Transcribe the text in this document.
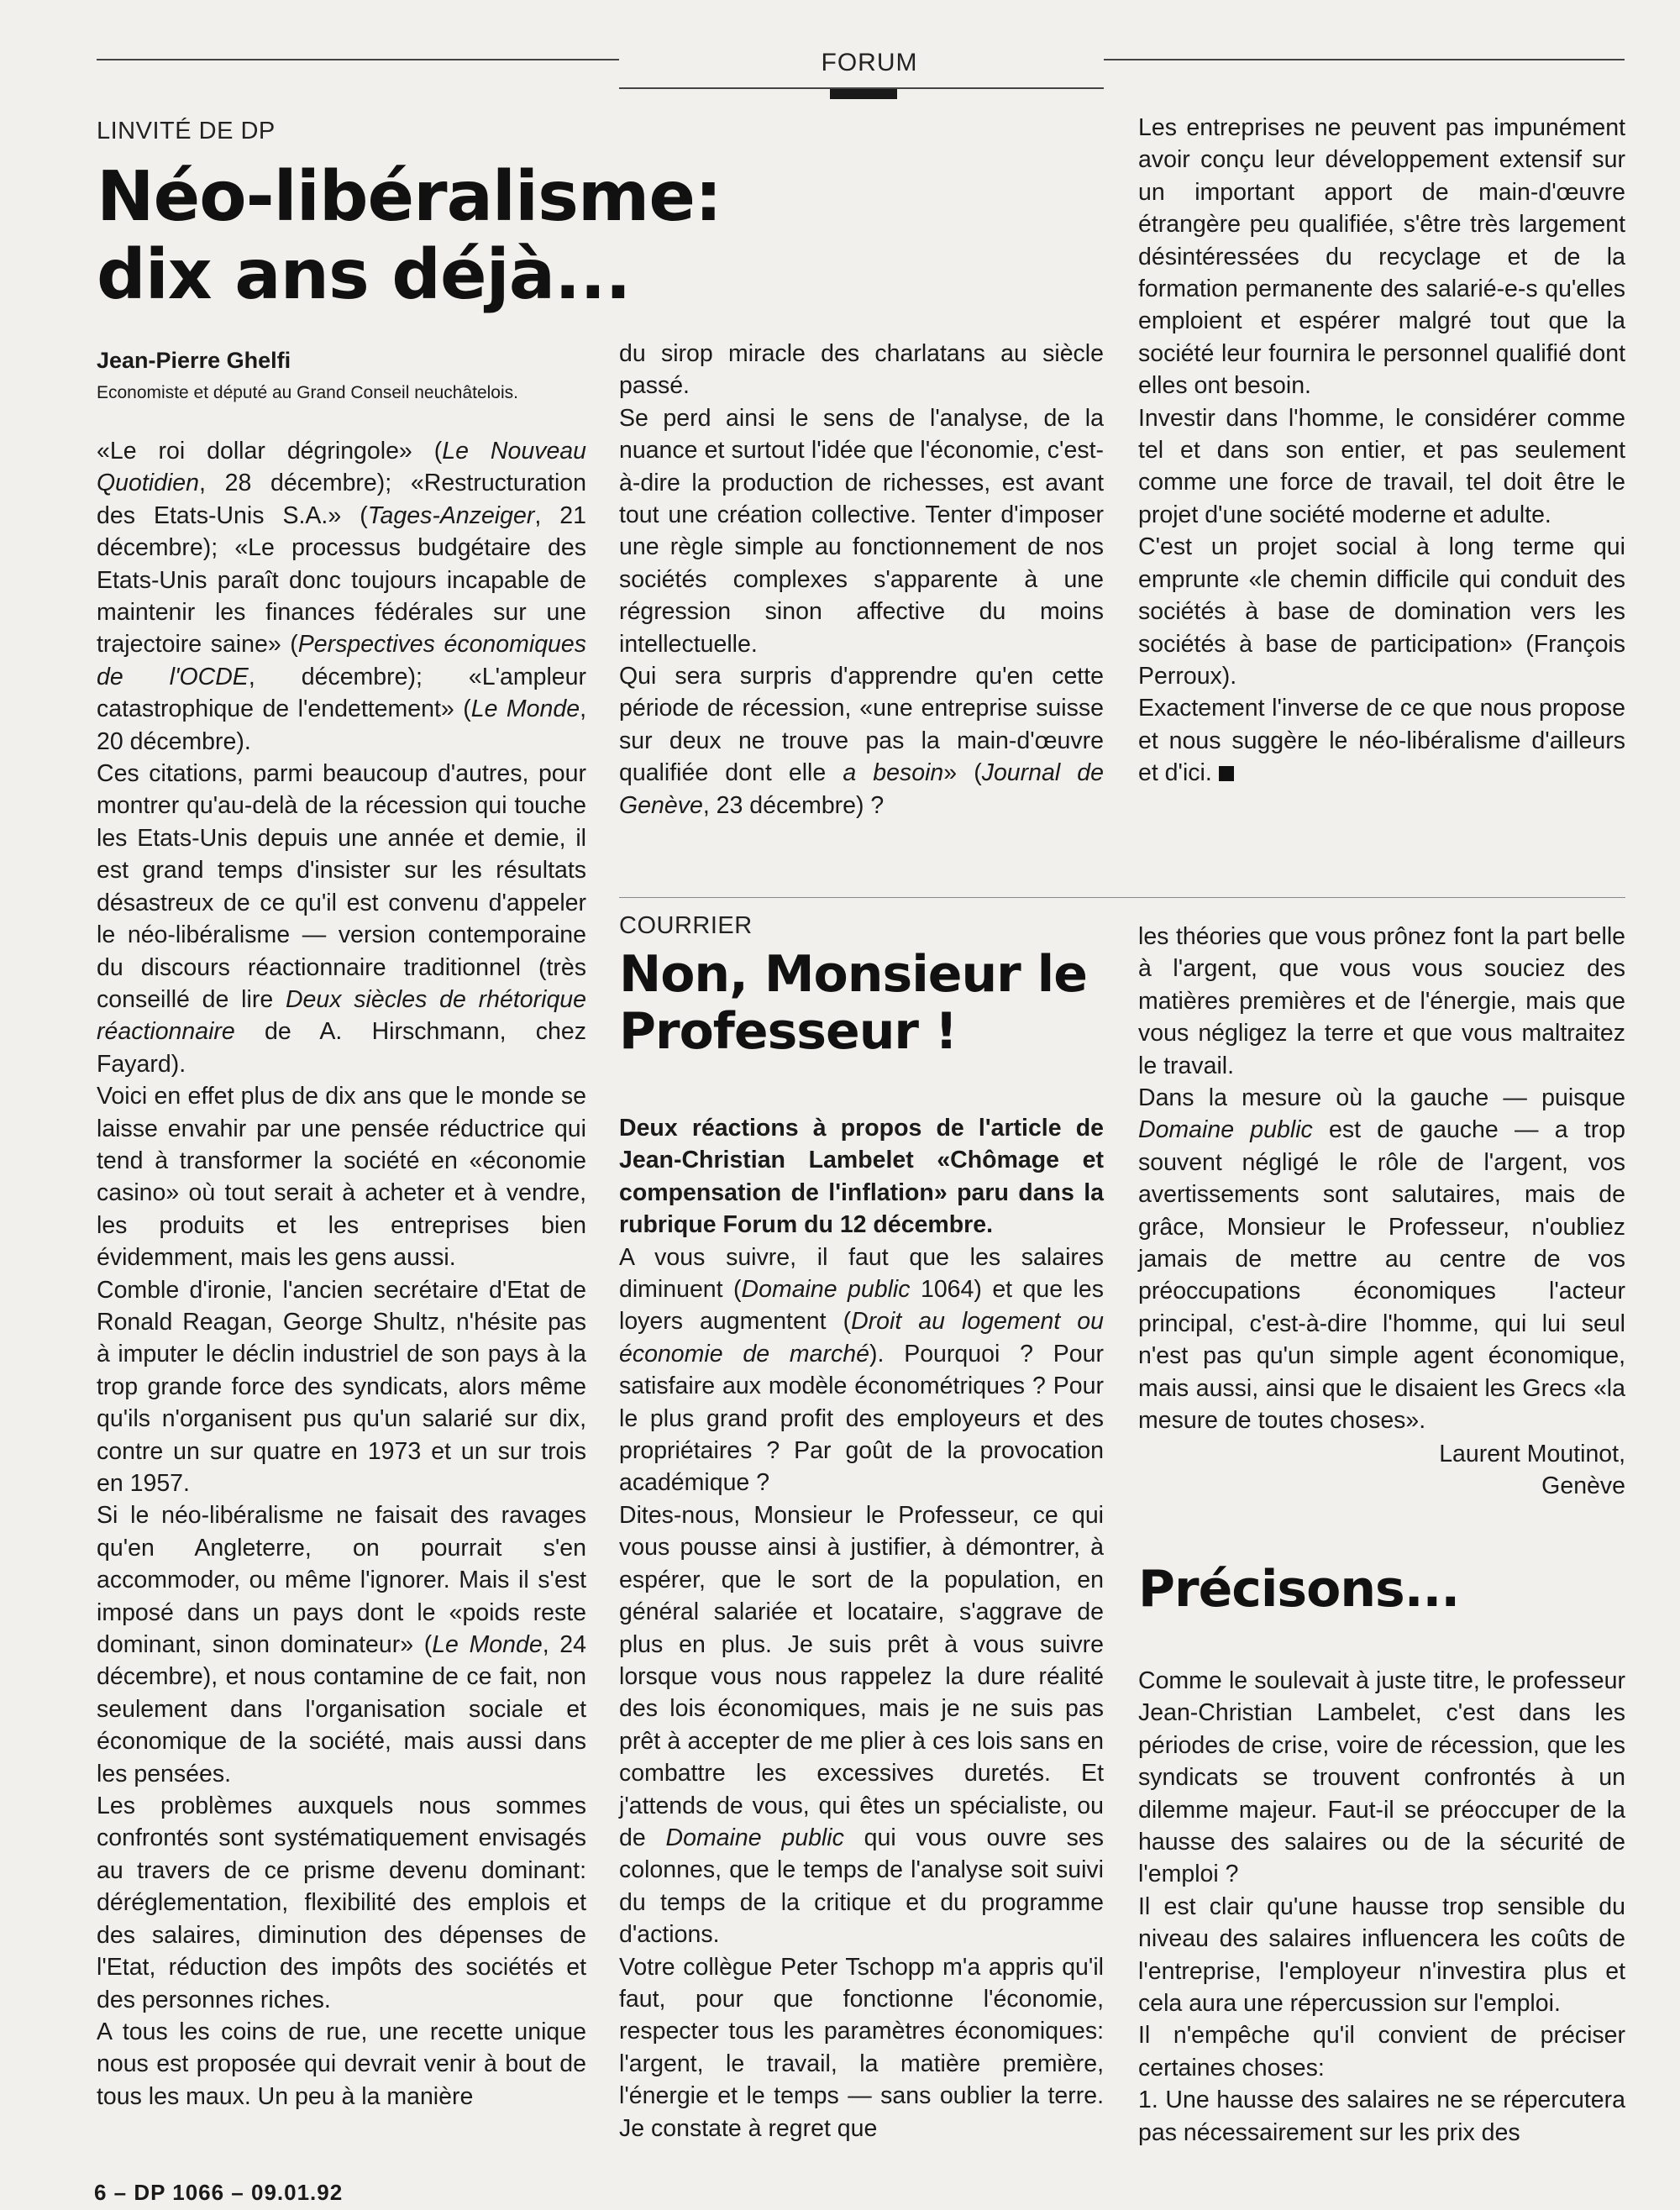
FORUM
LINVITÉ DE DP
Néo-libéralisme:
dix ans déjà...
Jean-Pierre Ghelfi
Economiste et député au Grand Conseil neuchâtelois.

«Le roi dollar dégringole» (Le Nouveau Quotidien, 28 décembre); «Restructuration des Etats-Unis S.A.» (Tages-Anzeiger, 21 décembre); «Le processus budgétaire des Etats-Unis paraît donc toujours incapable de maintenir les finances fédérales sur une trajectoire saine» (Perspectives économiques de l'OCDE, décembre); «L'ampleur catastrophique de l'endettement» (Le Monde, 20 décembre).

Ces citations, parmi beaucoup d'autres, pour montrer qu'au-delà de la récession qui touche les Etats-Unis depuis une année et demie, il est grand temps d'insister sur les résultats désastreux de ce qu'il est convenu d'appeler le néo-libéralisme — version contemporaine du discours réactionnaire traditionnel (très conseillé de lire Deux siècles de rhétorique réactionnaire de A. Hirschmann, chez Fayard).

Voici en effet plus de dix ans que le monde se laisse envahir par une pensée réductrice qui tend à transformer la société en «économie casino» où tout serait à acheter et à vendre, les produits et les entreprises bien évidemment, mais les gens aussi.

Comble d'ironie, l'ancien secrétaire d'Etat de Ronald Reagan, George Shultz, n'hésite pas à imputer le déclin industriel de son pays à la trop grande force des syndicats, alors même qu'ils n'organisent pus qu'un salarié sur dix, contre un sur quatre en 1973 et un sur trois en 1957.

Si le néo-libéralisme ne faisait des ravages qu'en Angleterre, on pourrait s'en accommoder, ou même l'ignorer. Mais il s'est imposé dans un pays dont le «poids reste dominant, sinon dominateur» (Le Monde, 24 décembre), et nous contamine de ce fait, non seulement dans l'organisation sociale et économique de la société, mais aussi dans les pensées.

Les problèmes auxquels nous sommes confrontés sont systématiquement envisagés au travers de ce prisme devenu dominant: déréglementation, flexibilité des emplois et des salaires, diminution des dépenses de l'Etat, réduction des impôts des sociétés et des personnes riches.

A tous les coins de rue, une recette unique nous est proposée qui devrait venir à bout de tous les maux. Un peu à la manière

du sirop miracle des charlatans au siècle passé.

Se perd ainsi le sens de l'analyse, de la nuance et surtout l'idée que l'économie, c'est-à-dire la production de richesses, est avant tout une création collective. Tenter d'imposer une règle simple au fonctionnement de nos sociétés complexes s'apparente à une régression sinon affective du moins intellectuelle.

Qui sera surpris d'apprendre qu'en cette période de récession, «une entreprise suisse sur deux ne trouve pas la main-d'œuvre qualifiée dont elle a besoin» (Journal de Genève, 23 décembre) ?

Les entreprises ne peuvent pas impunément avoir conçu leur développement extensif sur un important apport de main-d'œuvre étrangère peu qualifiée, s'être très largement désintéressées du recyclage et de la formation permanente des salarié-e-s qu'elles emploient et espérer malgré tout que la société leur fournira le personnel qualifié dont elles ont besoin.

Investir dans l'homme, le considérer comme tel et dans son entier, et pas seulement comme une force de travail, tel doit être le projet d'une société moderne et adulte.

C'est un projet social à long terme qui emprunte «le chemin difficile qui conduit des sociétés à base de domination vers les sociétés à base de participation» (François Perroux).

Exactement l'inverse de ce que nous propose et nous suggère le néo-libéralisme d'ailleurs et d'ici.

COURRIER
Non, Monsieur le
Professeur !

Deux réactions à propos de l'article de Jean-Christian Lambelet «Chômage et compensation de l'inflation» paru dans la rubrique Forum du 12 décembre.

A vous suivre, il faut que les salaires diminuent (Domaine public 1064) et que les loyers augmentent (Droit au logement ou économie de marché). Pourquoi ? Pour satisfaire aux modèle économétriques ? Pour le plus grand profit des employeurs et des propriétaires ? Par goût de la provocation académique ?

Dites-nous, Monsieur le Professeur, ce qui vous pousse ainsi à justifier, à démontrer, à espérer, que le sort de la population, en général salariée et locataire, s'aggrave de plus en plus. Je suis prêt à vous suivre lorsque vous nous rappelez la dure réalité des lois économiques, mais je ne suis pas prêt à accepter de me plier à ces lois sans en combattre les excessives duretés. Et j'attends de vous, qui êtes un spécialiste, ou de Domaine public qui vous ouvre ses colonnes, que le temps de l'analyse soit suivi du temps de la critique et du programme d'actions.

Votre collègue Peter Tschopp m'a appris qu'il faut, pour que fonctionne l'économie, respecter tous les paramètres économiques: l'argent, le travail, la matière première, l'énergie et le temps — sans oublier la terre. Je constate à regret que

les théories que vous prônez font la part belle à l'argent, que vous vous souciez des matières premières et de l'énergie, mais que vous négligez la terre et que vous maltraitez le travail.

Dans la mesure où la gauche — puisque Domaine public est de gauche — a trop souvent négligé le rôle de l'argent, vos avertissements sont salutaires, mais de grâce, Monsieur le Professeur, n'oubliez jamais de mettre au centre de vos préoccupations économiques l'acteur principal, c'est-à-dire l'homme, qui lui seul n'est pas qu'un simple agent économique, mais aussi, ainsi que le disaient les Grecs «la mesure de toutes choses».

Laurent Moutinot,

Genève

Précisons...

Comme le soulevait à juste titre, le professeur Jean-Christian Lambelet, c'est dans les périodes de crise, voire de récession, que les syndicats se trouvent confrontés à un dilemme majeur. Faut-il se préoccuper de la hausse des salaires ou de la sécurité de l'emploi ?

Il est clair qu'une hausse trop sensible du niveau des salaires influencera les coûts de l'entreprise, l'employeur n'investira plus et cela aura une répercussion sur l'emploi.

Il n'empêche qu'il convient de préciser certaines choses:

1. Une hausse des salaires ne se répercutera pas nécessairement sur les prix des

6 – DP 1066 – 09.01.92
